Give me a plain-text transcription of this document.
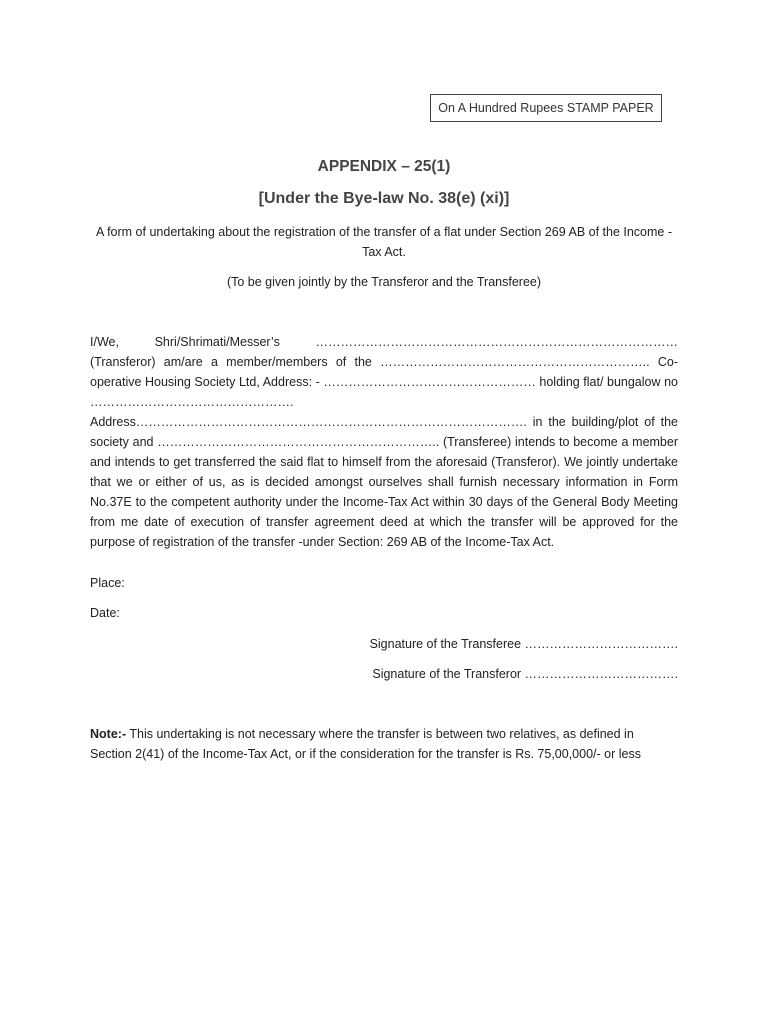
On A Hundred Rupees STAMP PAPER
APPENDIX – 25(1)
[Under the Bye-law No. 38(e) (xi)]
A form of undertaking about the registration of the transfer of a flat under Section 269 AB of the Income - Tax Act.
(To be given jointly by the Transferor and the Transferee)
I/We, Shri/Shrimati/Messer’s …………………………………………………………………………… (Transferor) am/are a member/members of the ……………………………………………………….. Co- operative Housing Society Ltd, Address: - …………………………………………… holding flat/ bungalow no …………………………………………. Address…………………………………………………………………………………. in the building/plot of the society and ………………………………………………………….. (Transferee) intends to become a member and intends to get transferred the said flat to himself from the aforesaid (Transferor). We jointly undertake that we or either of us, as is decided amongst ourselves shall furnish necessary information in Form No.37E to the competent authority under the Income-Tax Act within 30 days of the General Body Meeting from me date of execution of transfer agreement deed at which the transfer will be approved for the purpose of registration of the transfer -under Section: 269 AB of the Income-Tax Act.
Place:
Date:
Signature of the Transferee ……………………………….
Signature of the Transferor ……………………………….
Note:- This undertaking is not necessary where the transfer is between two relatives, as defined in Section 2(41) of the Income-Tax Act, or if the consideration for the transfer is Rs. 75,00,000/- or less
